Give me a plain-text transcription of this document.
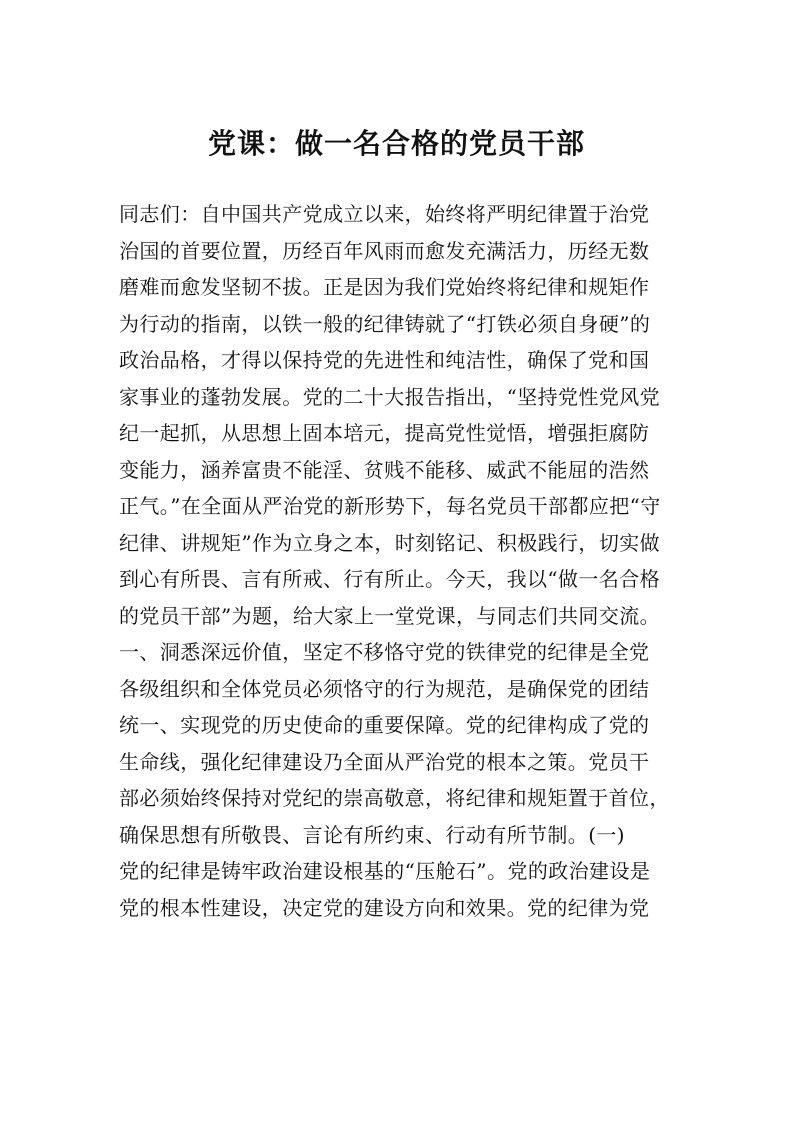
党课：做一名合格的党员干部
同志们：自中国共产党成立以来，始终将严明纪律置于治党
治国的首要位置，历经百年风雨而愈发充满活力，历经无数
磨难而愈发坚韧不拔。正是因为我们党始终将纪律和规矩作
为行动的指南，以铁一般的纪律铸就了“打铁必须自身硬”的
政治品格，才得以保持党的先进性和纯洁性，确保了党和国
家事业的蓬勃发展。党的二十大报告指出，“坚持党性党风党
纪一起抓，从思想上固本培元，提高党性觉悟，增强拒腐防
变能力，涵养富贵不能淫、贫贱不能移、威武不能屈的浩然
正气。”在全面从严治党的新形势下，每名党员干部都应把“守
纪律、讲规矩”作为立身之本，时刻铭记、积极践行，切实做
到心有所畏、言有所戒、行有所止。今天，我以“做一名合格
的党员干部”为题，给大家上一堂党课，与同志们共同交流。
一、洞悉深远价值，坚定不移恪守党的铁律党的纪律是全党
各级组织和全体党员必须恪守的行为规范，是确保党的团结
统一、实现党的历史使命的重要保障。党的纪律构成了党的
生命线，强化纪律建设乃全面从严治党的根本之策。党员干
部必须始终保持对党纪的崇高敬意，将纪律和规矩置于首位，
确保思想有所敬畏、言论有所约束、行动有所节制。(一)
党的纪律是铸牢政治建设根基的“压舱石”。党的政治建设是
党的根本性建设，决定党的建设方向和效果。党的纪律为党
